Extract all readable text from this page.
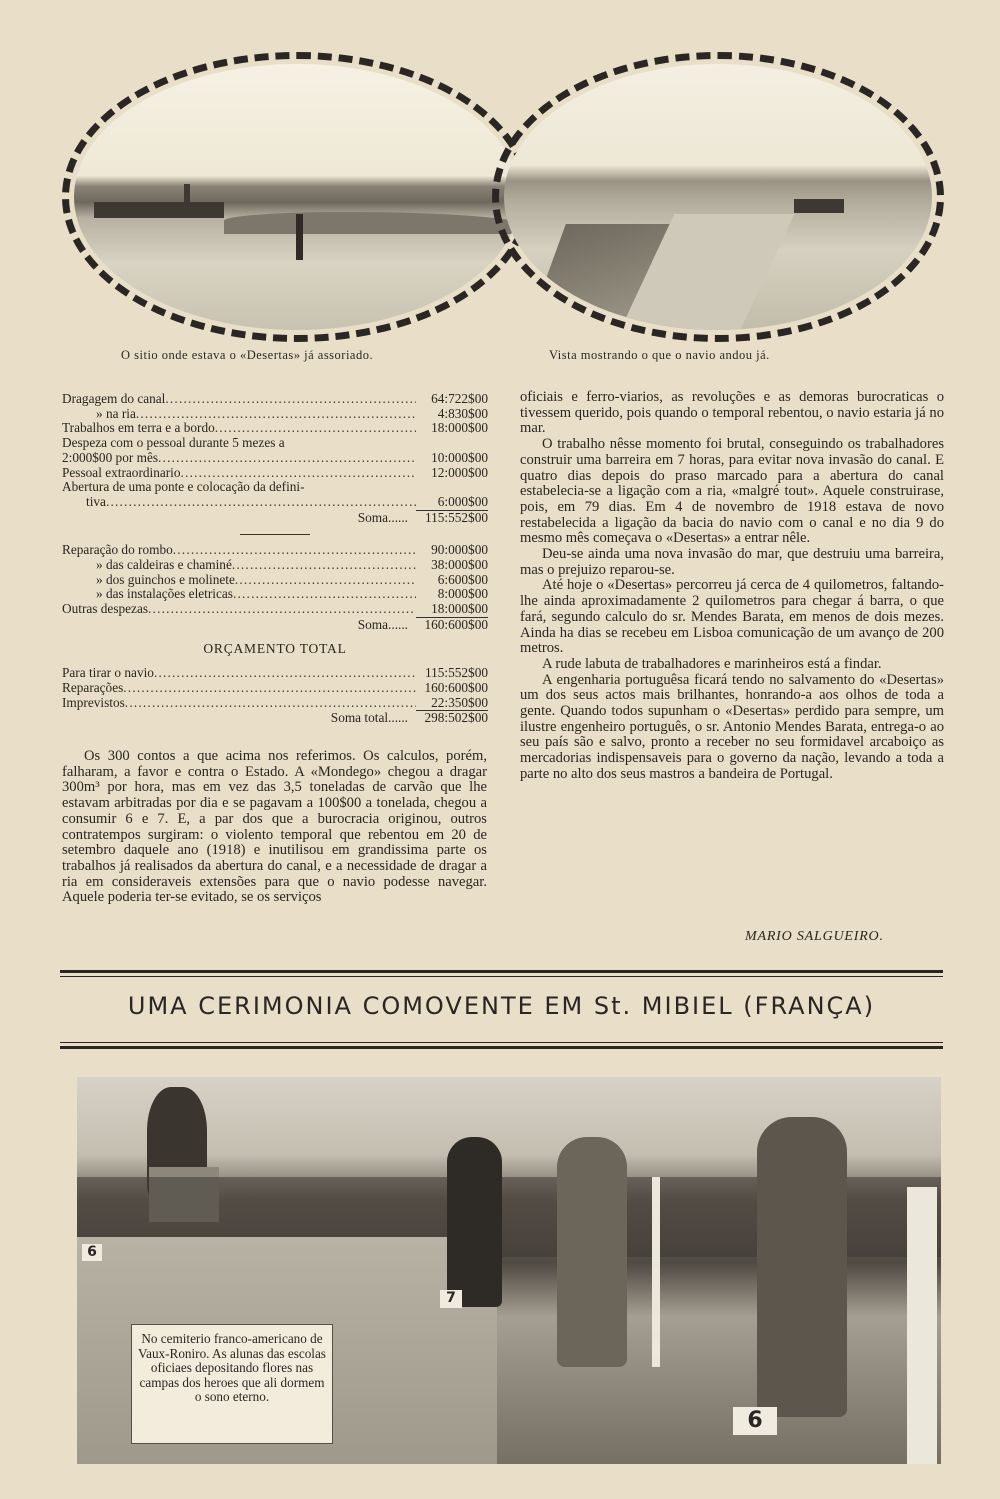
O sitio onde estava o «Desertas» já assoriado.	Vista mostrando o que o navio andou já.
Dragagem do canal .....	64:722$00
» na ria .....	4:830$00
Trabalhos em terra e a bordo .....	18:000$00
Despeza com o pessoal durante 5 mezes a
2:000$00 por mês .....	10:000$00
Pessoal extraordinario .....	12:000$00
Abertura de uma ponte e colocação da defini-
tiva .....	6:000$00
Soma......	115:552$00
Reparação do rombo .....	90:000$00
» das caldeiras e chaminé .....	38:000$00
» dos guinchos e molinete .....	6:600$00
» das instalações eletricas .....	8:000$00
Outras despezas .....	18:000$00
Soma......	160:600$00
ORÇAMENTO TOTAL
Para tirar o navio .....	115:552$00
Reparações .....	160:600$00
Imprevistos .....	22:350$00
Soma total......	298:502$00

Os 300 contos a que acima nos referimos. Os calculos, porém, falharam, a favor e contra o Estado. A «Mondego» chegou a dragar 300m³ por hora, mas em vez das 3,5 toneladas de carvão que lhe estavam arbitradas por dia e se pagavam a 100$00 a tonelada, chegou a consumir 6 e 7. E, a par dos que a burocracia originou, outros contratempos surgiram: o violento temporal que rebentou em 20 de setembro daquele ano (1918) e inutilisou em grandissima parte os trabalhos já realisados da abertura do canal, e a necessidade de dragar a ria em consideraveis extensões para que o navio podesse navegar. Aquele poderia ter-se evitado, se os serviços

oficiais e ferro-viarios, as revoluções e as demoras burocraticas o tivessem querido, pois quando o temporal rebentou, o navio estaria já no mar.

O trabalho nêsse momento foi brutal, conseguindo os trabalhadores construir uma barreira em 7 horas, para evitar nova invasão do canal. E quatro dias depois do praso marcado para a abertura do canal estabelecia-se a ligação com a ria, «malgré tout». Aquele construirase, pois, em 79 dias. Em 4 de novembro de 1918 estava de novo restabelecida a ligação da bacia do navio com o canal e no dia 9 do mesmo mês começava o «Desertas» a entrar nêle.

Deu-se ainda uma nova invasão do mar, que destruiu uma barreira, mas o prejuizo reparou-se.

Até hoje o «Desertas» percorreu já cerca de 4 quilometros, faltando-lhe ainda aproximadamente 2 quilometros para chegar á barra, o que fará, segundo calculo do sr. Mendes Barata, em menos de dois mezes. Ainda ha dias se recebeu em Lisboa comunicação de um avanço de 200 metros.

A rude labuta de trabalhadores e marinheiros está a findar.

A engenharia portuguêsa ficará tendo no salvamento do «Desertas» um dos seus actos mais brilhantes, honrando-a aos olhos de toda a gente. Quando todos supunham o «Desertas» perdido para sempre, um ilustre engenheiro português, o sr. Antonio Mendes Barata, entrega-o ao seu país são e salvo, pronto a receber no seu formidavel arcaboiço as mercadorias indispensaveis para o governo da nação, levando a toda a parte no alto dos seus mastros a bandeira de Portugal.

MARIO SALGUEIRO.
UMA CERIMONIA COMOVENTE EM St. MIBIEL (FRANÇA)
6
7
6
No cemiterio franco-americano de Vaux-Roniro. As alunas das escolas oficiaes depositando flores nas campas dos heroes que ali dormem o sono eterno.
